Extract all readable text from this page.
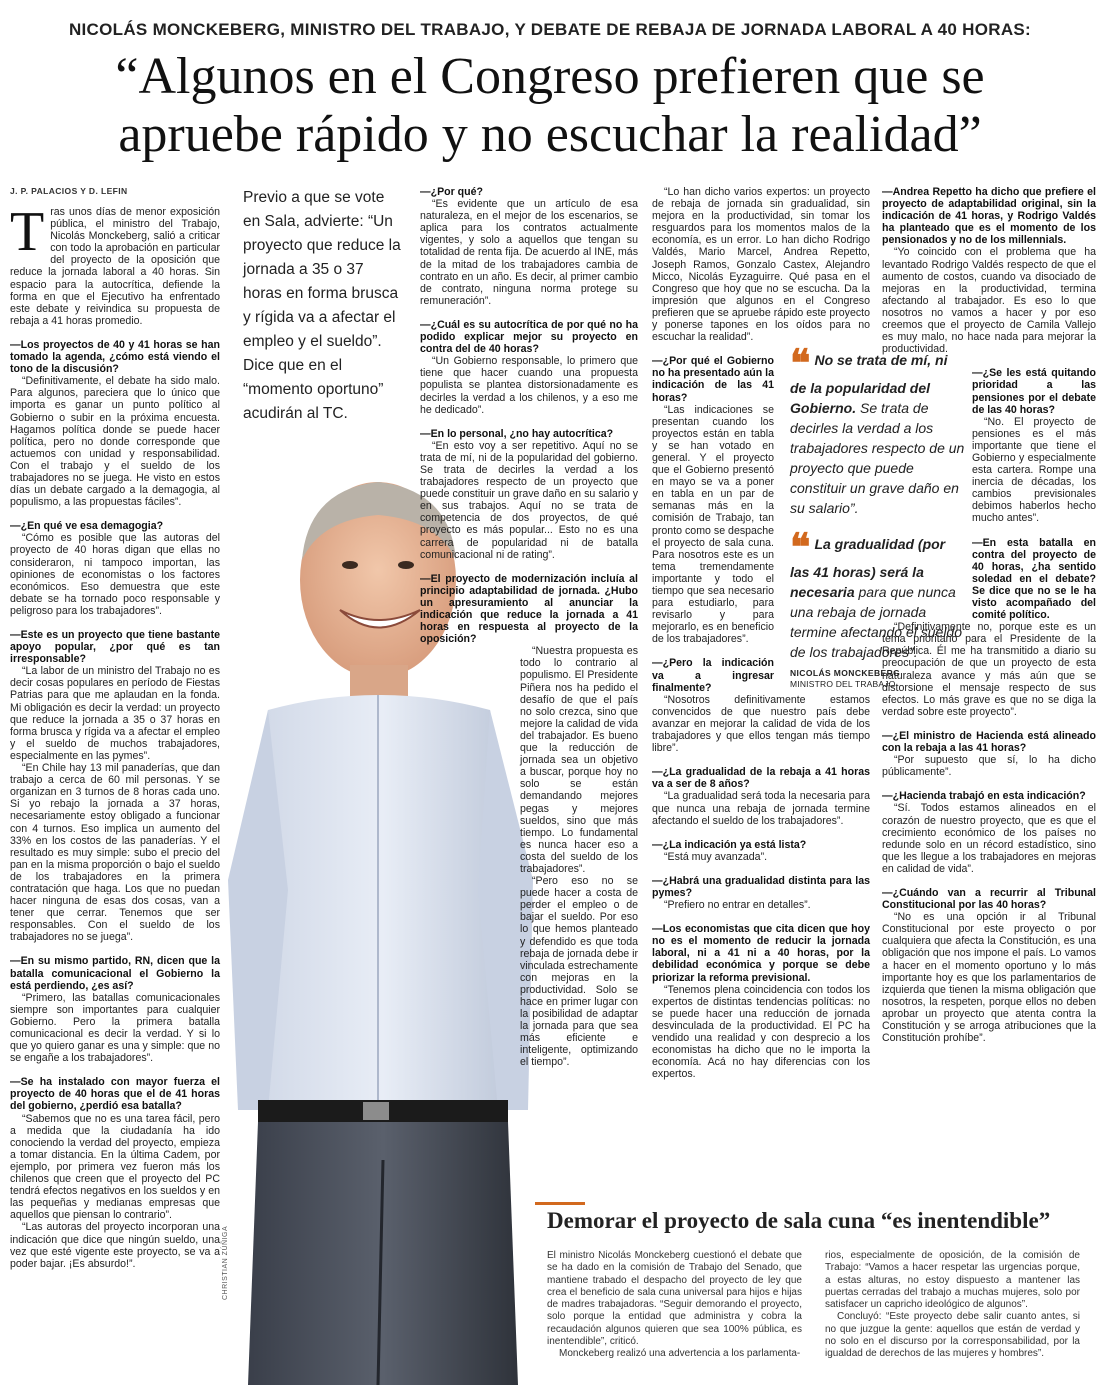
NICOLÁS MONCKEBERG, MINISTRO DEL TRABAJO, Y DEBATE DE REBAJA DE JORNADA LABORAL A 40 HORAS:
“Algunos en el Congreso prefieren que se apruebe rápido y no escuchar la realidad”
J. P. PALACIOS Y D. LEFIN

Tras unos días de menor exposición pública, el ministro del Trabajo, Nicolás Monckeberg, salió a criticar con todo la aprobación en particular del proyecto de la oposición que reduce la jornada laboral a 40 horas. Sin espacio para la autocrítica, defiende la forma en que el Ejecutivo ha enfrentado este debate y reivindica su propuesta de rebaja a 41 horas promedio.

—Los proyectos de 40 y 41 horas se han tomado la agenda, ¿cómo está viendo el tono de la discusión?

“Definitivamente, el debate ha sido malo. Para algunos, pareciera que lo único que importa es ganar un punto político al Gobierno o subir en la próxima encuesta. Hagamos política donde se puede hacer política, pero no donde corresponde que actuemos con unidad y responsabilidad. Con el trabajo y el sueldo de los trabajadores no se juega. He visto en estos días un debate cargado a la demagogia, al populismo, a las propuestas fáciles”.

—¿En qué ve esa demagogia?

“Cómo es posible que las autoras del proyecto de 40 horas digan que ellas no consideraron, ni tampoco importan, las opiniones de economistas o los factores económicos. Eso demuestra que este debate se ha tornado poco responsable y peligroso para los trabajadores”.

—Este es un proyecto que tiene bastante apoyo popular, ¿por qué es tan irresponsable?

“La labor de un ministro del Trabajo no es decir cosas populares en período de Fiestas Patrias para que me aplaudan en la fonda. Mi obligación es decir la verdad: un proyecto que reduce la jornada a 35 o 37 horas en forma brusca y rígida va a afectar el empleo y el sueldo de muchos trabajadores, especialmente en las pymes”.

“En Chile hay 13 mil panaderías, que dan trabajo a cerca de 60 mil personas. Y se organizan en 3 turnos de 8 horas cada uno. Si yo rebajo la jornada a 37 horas, necesariamente estoy obligado a funcionar con 4 turnos. Eso implica un aumento del 33% en los costos de las panaderías. Y el resultado es muy simple: subo el precio del pan en la misma proporción o bajo el sueldo de los trabajadores en la primera contratación que haga. Los que no puedan hacer ninguna de esas dos cosas, van a tener que cerrar. Tenemos que ser responsables. Con el sueldo de los trabajadores no se juega”.

—En su mismo partido, RN, dicen que la batalla comunicacional el Gobierno la está perdiendo, ¿es así?

“Primero, las batallas comunicacionales siempre son importantes para cualquier Gobierno. Pero la primera batalla comunicacional es decir la verdad. Y si lo que yo quiero ganar es una y simple: que no se engañe a los trabajadores”.

—Se ha instalado con mayor fuerza el proyecto de 40 horas que el de 41 horas del gobierno, ¿perdió esa batalla?

“Sabemos que no es una tarea fácil, pero a medida que la ciudadanía ha ido conociendo la verdad del proyecto, empieza a tomar distancia. En la última Cadem, por ejemplo, por primera vez fueron más los chilenos que creen que el proyecto del PC tendrá efectos negativos en los sueldos y en las pequeñas y medianas empresas que aquellos que piensan lo contrario”.

“Las autoras del proyecto incorporan una indicación que dice que ningún sueldo, una vez que esté vigente este proyecto, se va a poder bajar. ¡Es absurdo!”.

Previo a que se vote en Sala, advierte: “Un proyecto que reduce la jornada a 35 o 37 horas en forma brusca y rígida va a afectar el empleo y el sueldo”. Dice que en el “momento oportuno” acudirán al TC.
CHRISTIAN ZÚÑIGA

—¿Por qué?

“Es evidente que un artículo de esa naturaleza, en el mejor de los escenarios, se aplica para los contratos actualmente vigentes, y solo a aquellos que tengan su totalidad de renta fija. De acuerdo al INE, más de la mitad de los trabajadores cambia de contrato en un año. Es decir, al primer cambio de contrato, ninguna norma protege su remuneración”.

—¿Cuál es su autocrítica de por qué no ha podido explicar mejor su proyecto en contra del de 40 horas?

“Un Gobierno responsable, lo primero que tiene que hacer cuando una propuesta populista se plantea distorsionadamente es decirles la verdad a los chilenos, y a eso me he dedicado”.

—En lo personal, ¿no hay autocrítica?

“En esto voy a ser repetitivo. Aquí no se trata de mí, ni de la popularidad del gobierno. Se trata de decirles la verdad a los trabajadores respecto de un proyecto que puede constituir un grave daño en su salario y en sus trabajos. Aquí no se trata de competencia de dos proyectos, de qué proyecto es más popular... Esto no es una carrera de popularidad ni de batalla comunicacional ni de rating”.

—El proyecto de modernización incluía al principio adaptabilidad de jornada. ¿Hubo un apresuramiento al anunciar la indicación que reduce la jornada a 41 horas en respuesta al proyecto de la oposición?

“Nuestra propuesta es todo lo contrario al populismo. El Presidente Piñera nos ha pedido el desafío de que el país no solo crezca, sino que mejore la calidad de vida del trabajador. Es bueno que la reducción de jornada sea un objetivo a buscar, porque hoy no solo se están demandando mejores pegas y mejores sueldos, sino que más tiempo. Lo fundamental es nunca hacer eso a costa del sueldo de los trabajadores”.

“Pero eso no se puede hacer a costa de perder el empleo o de bajar el sueldo. Por eso lo que hemos planteado y defendido es que toda rebaja de jornada debe ir vinculada estrechamente con mejoras en la productividad. Solo se hace en primer lugar con la posibilidad de adaptar la jornada para que sea más eficiente e inteligente, optimizando el tiempo”.

“Lo han dicho varios expertos: un proyecto de rebaja de jornada sin gradualidad, sin mejora en la productividad, sin tomar los resguardos para los momentos malos de la economía, es un error. Lo han dicho Rodrigo Valdés, Mario Marcel, Andrea Repetto, Joseph Ramos, Gonzalo Castex, Alejandro Micco, Nicolás Eyzaguirre. Qué pasa en el Congreso que hoy que no se escucha. Da la impresión que algunos en el Congreso prefieren que se apruebe rápido este proyecto y ponerse tapones en los oídos para no escuchar la realidad”.

—¿Por qué el Gobierno no ha presentado aún la indicación de las 41 horas?

“Las indicaciones se presentan cuando los proyectos están en tabla y se han votado en general. Y el proyecto que el Gobierno presentó en mayo se va a poner en tabla en un par de semanas más en la comisión de Trabajo, tan pronto como se despache el proyecto de sala cuna. Para nosotros este es un tema tremendamente importante y todo el tiempo que sea necesario para estudiarlo, para revisarlo y para mejorarlo, es en beneficio de los trabajadores”.

—¿Pero la indicación va a ingresar finalmente?

“Nosotros definitivamente estamos convencidos de que nuestro país debe avanzar en mejorar la calidad de vida de los trabajadores y que ellos tengan más tiempo libre”.

—¿La gradualidad de la rebaja a 41 horas va a ser de 8 años?

“La gradualidad será toda la necesaria para que nunca una rebaja de jornada termine afectando el sueldo de los trabajadores”.

—¿La indicación ya está lista?

“Está muy avanzada”.

—¿Habrá una gradualidad distinta para las pymes?

“Prefiero no entrar en detalles”.

—Los economistas que cita dicen que hoy no es el momento de reducir la jornada laboral, ni a 41 ni a 40 horas, por la debilidad económica y porque se debe priorizar la reforma previsional.

“Tenemos plena coincidencia con todos los expertos de distintas tendencias políticas: no se puede hacer una reducción de jornada desvinculada de la productividad. El PC ha vendido una realidad y con desprecio a los economistas ha dicho que no le importa la economía. Acá no hay diferencias con los expertos.

❝ No se trata de mí, ni de la popularidad del Gobierno. Se trata de decirles la verdad a los trabajadores respecto de un proyecto que puede constituir un grave daño en su salario”.
❝ La gradualidad (por las 41 horas) será la necesaria para que nunca una rebaja de jornada termine afectando el sueldo de los trabajadores”.
NICOLÁS MONCKEBERG
MINISTRO DEL TRABAJO

—Andrea Repetto ha dicho que prefiere el proyecto de adaptabilidad original, sin la indicación de 41 horas, y Rodrigo Valdés ha planteado que es el momento de los pensionados y no de los millennials.

“Yo coincido con el problema que ha levantado Rodrigo Valdés respecto de que el aumento de costos, cuando va disociado de mejoras en la productividad, termina afectando al trabajador. Es eso lo que nosotros no vamos a hacer y por eso creemos que el proyecto de Camila Vallejo es muy malo, no hace nada para mejorar la productividad.

—¿Se les está quitando prioridad a las pensiones por el debate de las 40 horas?

“No. El proyecto de pensiones es el más importante que tiene el Gobierno y especialmente esta cartera. Rompe una inercia de décadas, los cambios previsionales debimos haberlos hecho mucho antes”.

—En esta batalla en contra del proyecto de 40 horas, ¿ha sentido soledad en el debate? Se dice que no se le ha visto acompañado del comité político.

“Definitivamente no, porque este es un tema prioritario para el Presidente de la República. Él me ha transmitido a diario su preocupación de que un proyecto de esta naturaleza avance y más aún que se distorsione el mensaje respecto de sus efectos. Lo más grave es que no se diga la verdad sobre este proyecto”.

—¿El ministro de Hacienda está alineado con la rebaja a las 41 horas?

“Por supuesto que sí, lo ha dicho públicamente”.

—¿Hacienda trabajó en esta indicación?

“Sí. Todos estamos alineados en el corazón de nuestro proyecto, que es que el crecimiento económico de los países no redunde solo en un récord estadístico, sino que les llegue a los trabajadores en mejoras en calidad de vida”.

—¿Cuándo van a recurrir al Tribunal Constitucional por las 40 horas?

“No es una opción ir al Tribunal Constitucional por este proyecto o por cualquiera que afecta la Constitución, es una obligación que nos impone el país. Lo vamos a hacer en el momento oportuno y lo más importante hoy es que los parlamentarios de izquierda que tienen la misma obligación que nosotros, la respeten, porque ellos no deben aprobar un proyecto que atenta contra la Constitución y se arroga atribuciones que la Constitución prohíbe”.

Demorar el proyecto de sala cuna “es inentendible”
El ministro Nicolás Monckeberg cuestionó el debate que se ha dado en la comisión de Trabajo del Senado, que mantiene trabado el despacho del proyecto de ley que crea el beneficio de sala cuna universal para hijos e hijas de madres trabajadoras. “Seguir demorando el proyecto, solo porque la entidad que administra y cobra la recaudación algunos quieren que sea 100% pública, es inentendible”, criticó.
Monckeberg realizó una advertencia a los parlamenta-
rios, especialmente de oposición, de la comisión de Trabajo: “Vamos a hacer respetar las urgencias porque, a estas alturas, no estoy dispuesto a mantener las puertas cerradas del trabajo a muchas mujeres, solo por satisfacer un capricho ideológico de algunos”.
Concluyó: “Este proyecto debe salir cuanto antes, si no que juzgue la gente: aquellos que están de verdad y no solo en el discurso por la corresponsabilidad, por la igualdad de derechos de las mujeres y hombres”.
